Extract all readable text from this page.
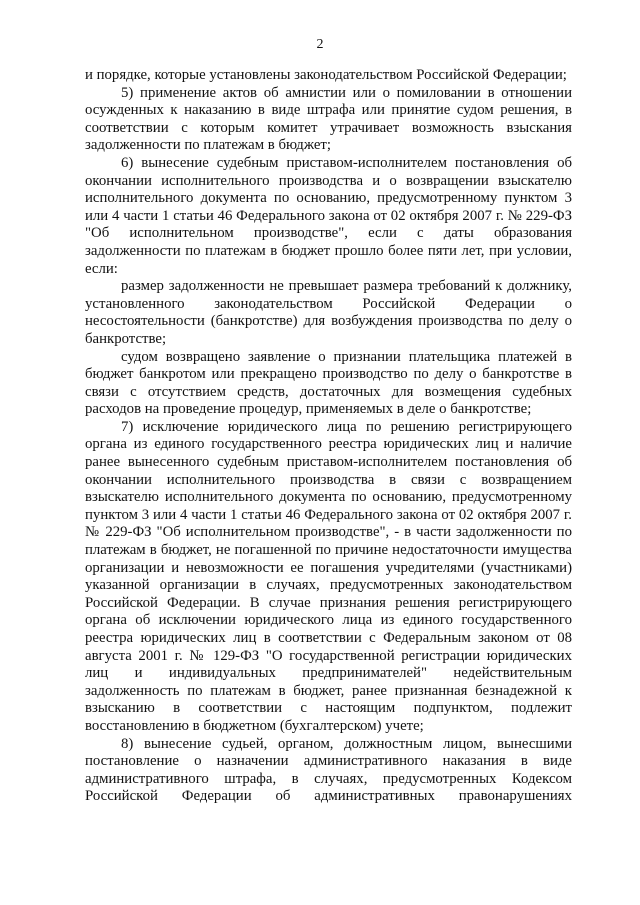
2

и порядке, которые установлены законодательством Российской Федерации;

5) применение актов об амнистии или о помиловании в отношении осужденных к наказанию в виде штрафа или принятие судом решения, в соответствии с которым комитет утрачивает возможность взыскания задолженности по платежам в бюджет;

6) вынесение судебным приставом-исполнителем постановления об окончании исполнительного производства и о возвращении взыскателю исполнительного документа по основанию, предусмотренному пунктом 3 или 4 части 1 статьи 46 Федерального закона от 02 октября 2007 г. № 229-ФЗ "Об исполнительном производстве", если с даты образования задолженности по платежам в бюджет прошло более пяти лет, при условии, если:

размер задолженности не превышает размера требований к должнику, установленного законодательством Российской Федерации о несостоятельности (банкротстве) для возбуждения производства по делу о банкротстве;

судом возвращено заявление о признании плательщика платежей в бюджет банкротом или прекращено производство по делу о банкротстве в связи с отсутствием средств, достаточных для возмещения судебных расходов на проведение процедур, применяемых в деле о банкротстве;

7) исключение юридического лица по решению регистрирующего органа из единого государственного реестра юридических лиц и наличие ранее вынесенного судебным приставом-исполнителем постановления об окончании исполнительного производства в связи с возвращением взыскателю исполнительного документа по основанию, предусмотренному пунктом 3 или 4 части 1 статьи 46 Федерального закона от 02 октября 2007 г. № 229-ФЗ "Об исполнительном производстве", - в части задолженности по платежам в бюджет, не погашенной по причине недостаточности имущества организации и невозможности ее погашения учредителями (участниками) указанной организации в случаях, предусмотренных законодательством Российской Федерации. В случае признания решения регистрирующего органа об исключении юридического лица из единого государственного реестра юридических лиц в соответствии с Федеральным законом от 08 августа 2001 г. № 129-ФЗ "О государственной регистрации юридических лиц и индивидуальных предпринимателей" недействительным задолженность по платежам в бюджет, ранее признанная безнадежной к взысканию в соответствии с настоящим подпунктом, подлежит восстановлению в бюджетном (бухгалтерском) учете;

8) вынесение судьей, органом, должностным лицом, вынесшими постановление о назначении административного наказания в виде административного штрафа, в случаях, предусмотренных Кодексом Российской Федерации об административных правонарушениях
